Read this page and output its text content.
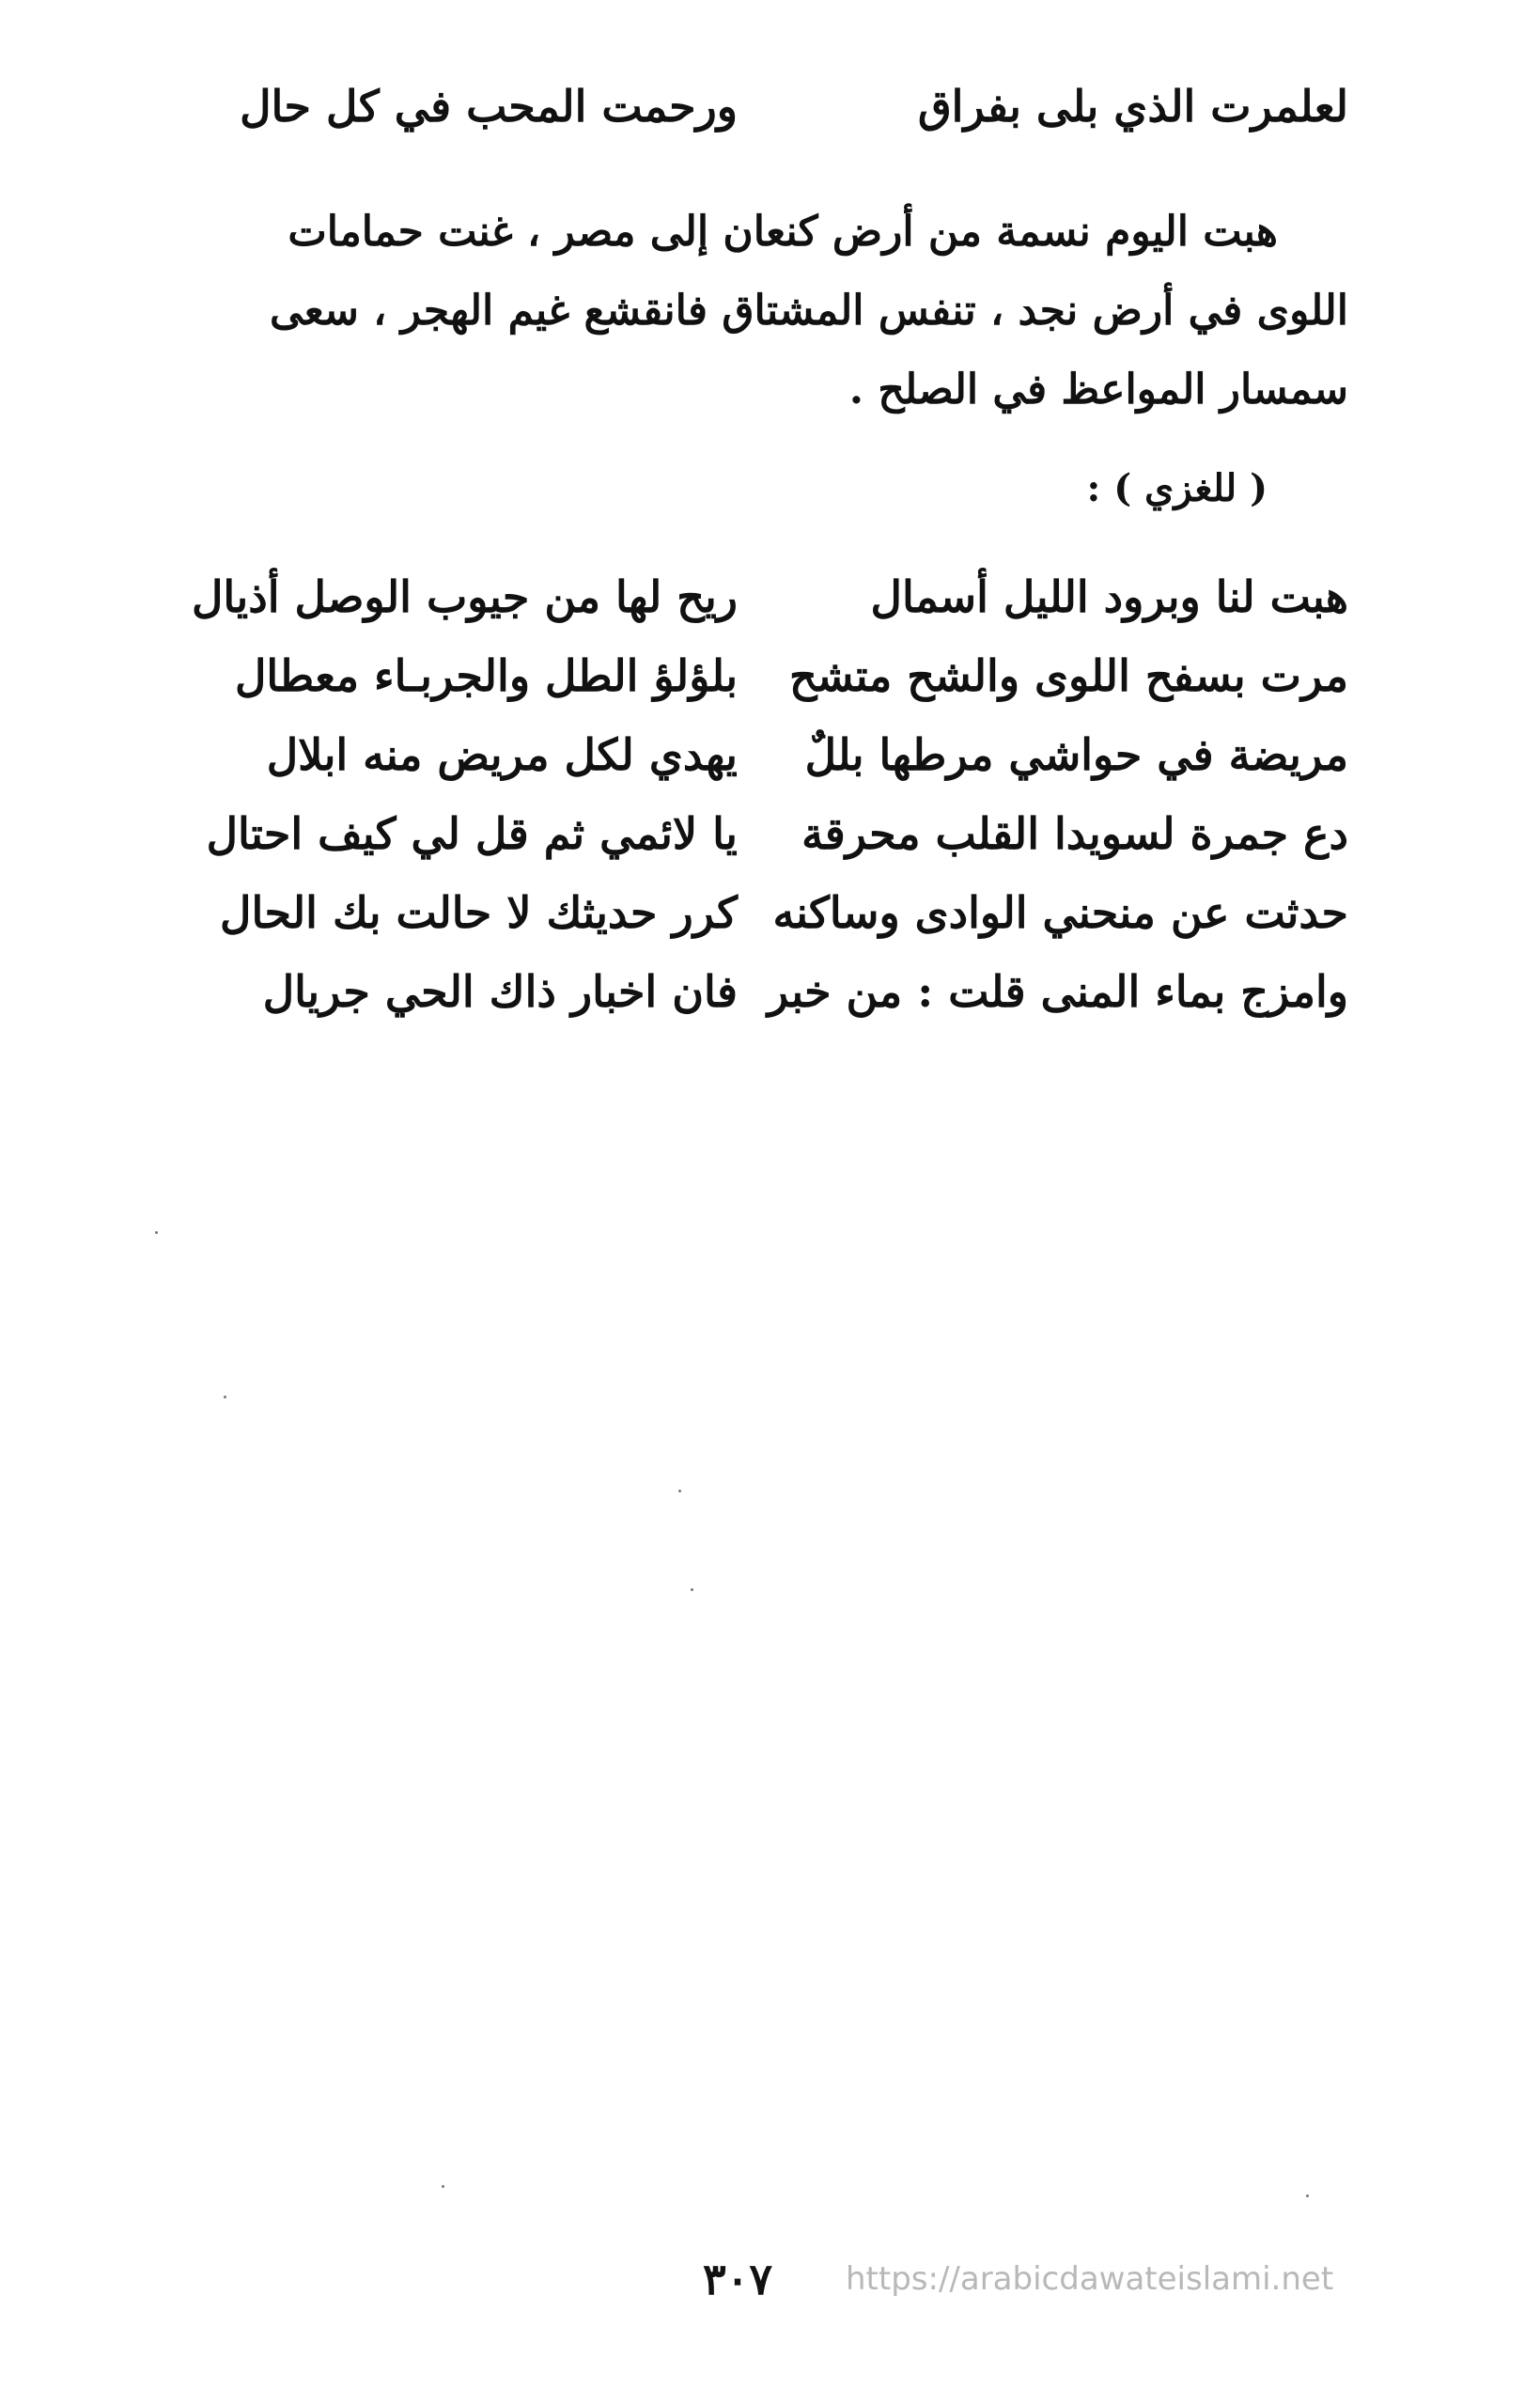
لعلمرت الذي بلى بفراق
ورحمت المحب في كل حال
هبت اليوم نسمة من أرض كنعان إلى مصر ، غنت حمامات
اللوى في أرض نجد ، تنفس المشتاق فانقشع غيم الهجر ، سعى
سمسار المواعظ في الصلح .
( للغزي ) :
هبت لنا وبرود الليل أسمال
ريح لها من جيوب الوصل أذيال
مرت بسفح اللوى والشح متشح
بلؤلؤ الطل والجربـاء معطال
مريضة في حواشي مرطها بللٌ
يهدي لكل مريض منه ابلال
دع جمرة لسويدا القلب محرقة
يا لائمي ثم قل لي كيف احتال
حدثت عن منحني الوادى وساكنه
كرر حديثك لا حالت بك الحال
وامزج بماء المنى قلت : من خبر
فان اخبار ذاك الحي جريال
٣٠٧	https://arabicdawateislami.net
